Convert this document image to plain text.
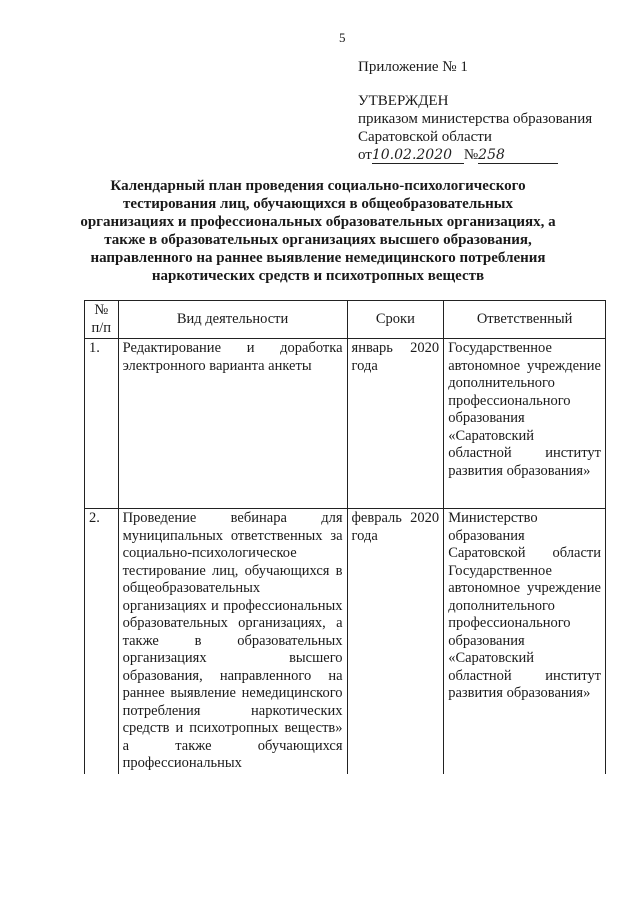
5
Приложение № 1
УТВЕРЖДЕН
приказом министерства образования
Саратовской области
от10.02.2020 №258
Календарный план проведения социально-психологического тестирования лиц, обучающихся в общеобразовательных организациях и профессиональных образовательных организациях, а также в образовательных организациях высшего образования, направленного на раннее выявление немедицинского потребления наркотических средств и психотропных веществ
№ п/п	Вид деятельности	Сроки	Ответственный
1.	Редактирование и доработка электронного варианта анкеты	январь 2020 года	Государственное автономное учреждение дополнительного профессионального образования «Саратовский областной институт развития образования»
2.	Проведение вебинара для муниципальных ответственных за социально-психологическое тестирование лиц, обучающихся в общеобразовательных организациях и профессиональных образовательных организациях, а также в образовательных организациях высшего образования, направленного на раннее выявление немедицинского потребления наркотических средств и психотропных веществ» а также обучающихся профессиональных	февраль 2020 года	Министерство образования Саратовской области Государственное автономное учреждение дополнительного профессионального образования «Саратовский областной институт развития образования»
